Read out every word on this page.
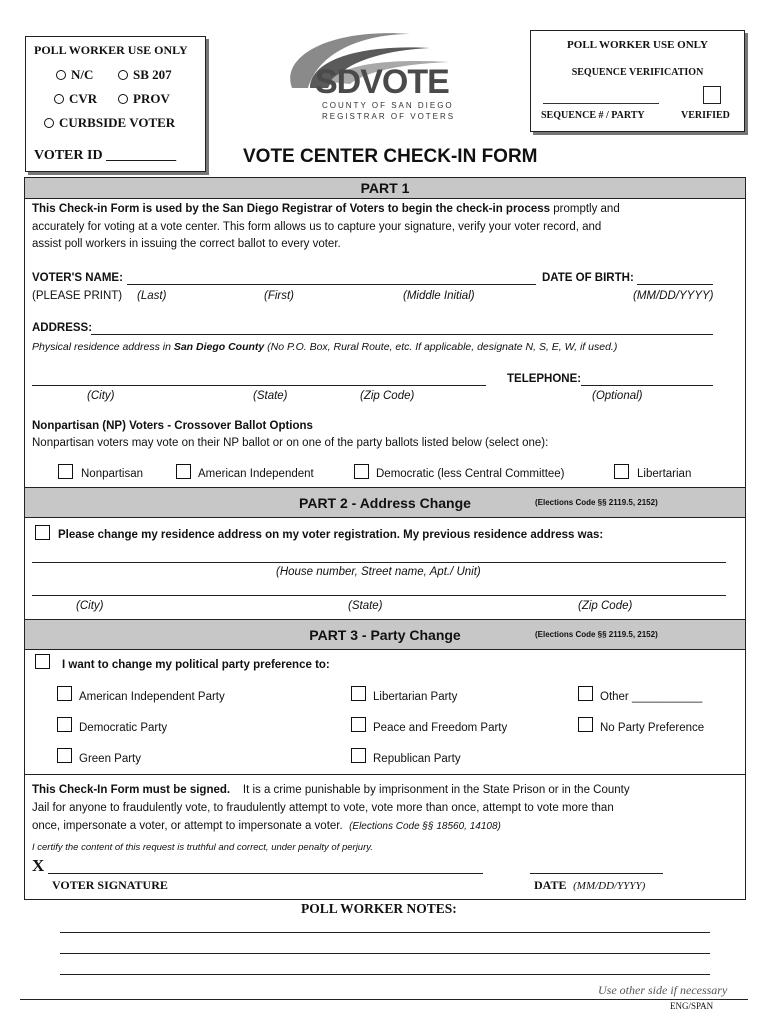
POLL WORKER USE ONLY
N/C	SB 207
CVR	PROV
CURBSIDE VOTER
VOTER ID __________
SDVOTE
COUNTY OF SAN DIEGO
REGISTRAR OF VOTERS
POLL WORKER USE ONLY
SEQUENCE VERIFICATION
SEQUENCE # / PARTY	VERIFIED
VOTE CENTER CHECK-IN FORM
PART 1
This Check-in Form is used by the San Diego Registrar of Voters to begin the check-in process promptly and
accurately for voting at a vote center. This form allows us to capture your signature, verify your voter record, and
assist poll workers in issuing the correct ballot to every voter.
VOTER'S NAME:	DATE OF BIRTH:
(PLEASE PRINT) (Last)	(First)	(Middle Initial)	(MM/DD/YYYY)
ADDRESS:
Physical residence address in San Diego County (No P.O. Box, Rural Route, etc. If applicable, designate N, S, E, W, if used.)
TELEPHONE:
(City)	(State)	(Zip Code)	(Optional)
Nonpartisan (NP) Voters - Crossover Ballot Options
Nonpartisan voters may vote on their NP ballot or on one of the party ballots listed below (select one):
Nonpartisan	American Independent	Democratic (less Central Committee)	Libertarian
PART 2 - Address Change	(Elections Code §§ 2119.5, 2152)
Please change my residence address on my voter registration. My previous residence address was:
(House number, Street name, Apt./ Unit)
(City)	(State)	(Zip Code)
PART 3 - Party Change	(Elections Code §§ 2119.5, 2152)
I want to change my political party preference to:
American Independent Party	Libertarian Party	Other ___________
Democratic Party	Peace and Freedom Party	No Party Preference
Green Party	Republican Party
This Check-In Form must be signed. It is a crime punishable by imprisonment in the State Prison or in the County
Jail for anyone to fraudulently vote, to fraudulently attempt to vote, vote more than once, attempt to vote more than
once, impersonate a voter, or attempt to impersonate a voter. (Elections Code §§ 18560, 14108)
I certify the content of this request is truthful and correct, under penalty of perjury.
X
VOTER SIGNATURE	DATE (MM/DD/YYYY)
POLL WORKER NOTES:
Use other side if necessary
ENG/SPAN
